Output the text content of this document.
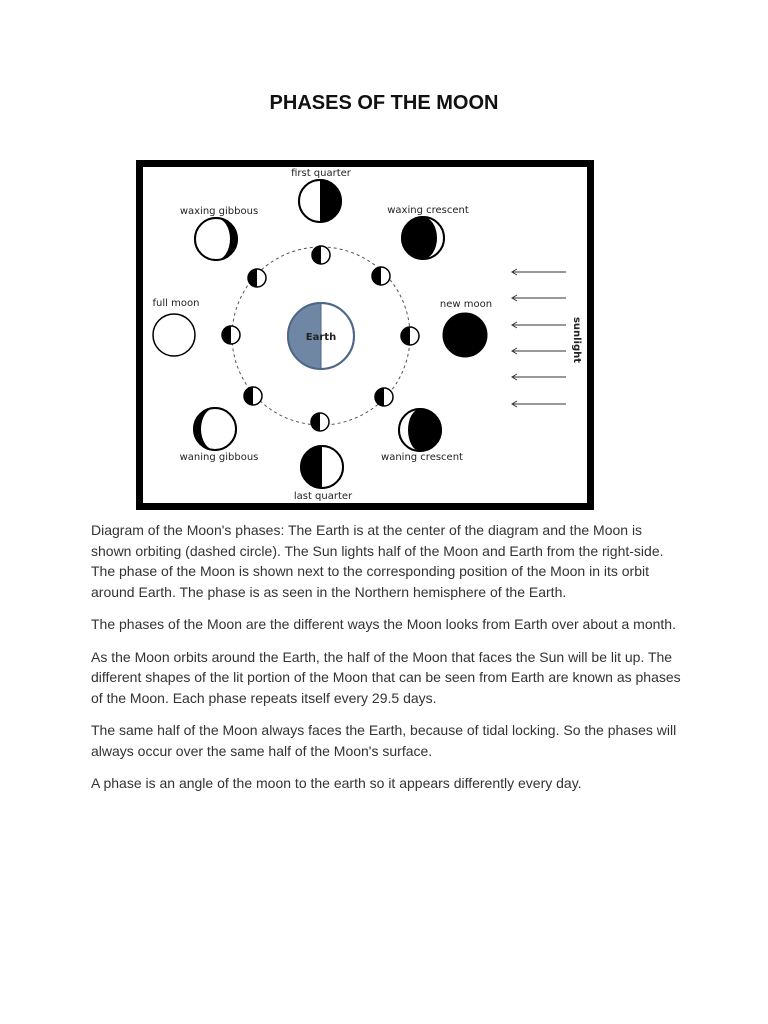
PHASES OF THE MOON
Earth
first quarter
waxing gibbous	waxing crescent
full moon	new moon
waning gibbous	waning crescent
last quarter
sunlight

Diagram of the Moon's phases: The Earth is at the center of the diagram and the Moon is shown orbiting (dashed circle). The Sun lights half of the Moon and Earth from the right-side. The phase of the Moon is shown next to the corresponding position of the Moon in its orbit around Earth. The phase is as seen in the Northern hemisphere of the Earth.

The phases of the Moon are the different ways the Moon looks from Earth over about a month.

As the Moon orbits around the Earth, the half of the Moon that faces the Sun will be lit up. The different shapes of the lit portion of the Moon that can be seen from Earth are known as phases of the Moon. Each phase repeats itself every 29.5 days.

The same half of the Moon always faces the Earth, because of tidal locking. So the phases will always occur over the same half of the Moon's surface.

A phase is an angle of the moon to the earth so it appears differently every day.
